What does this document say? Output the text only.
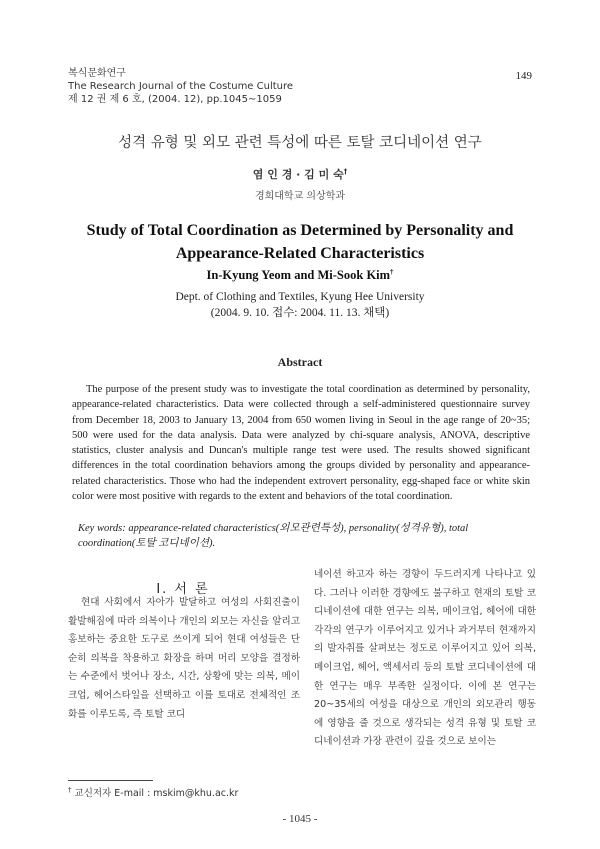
복식문화연구
The Research Journal of the Costume Culture
제 12 권 제 6 호, (2004. 12), pp.1045∼1059
149
성격 유형 및 외모 관련 특성에 따른 토탈 코디네이션 연구
염 인 경 · 김 미 숙†
경희대학교 의상학과
Study of Total Coordination as Determined by Personality and
Appearance-Related Characteristics
In-Kyung Yeom and Mi-Sook Kim†
Dept. of Clothing and Textiles, Kyung Hee University
(2004. 9. 10. 접수: 2004. 11. 13. 채택)
Abstract
The purpose of the present study was to investigate the total coordination as determined by personality, appearance-related characteristics. Data were collected through a self-administered questionnaire survey from December 18, 2003 to January 13, 2004 from 650 women living in Seoul in the age range of 20~35; 500 were used for the data analysis. Data were analyzed by chi-square analysis, ANOVA, descriptive statistics, cluster analysis and Duncan's multiple range test were used. The results showed significant differences in the total coordination behaviors among the groups divided by personality and appearance-related characteristics. Those who had the independent extrovert personality, egg-shaped face or white skin color were most positive with regards to the extent and behaviors of the total coordination.
Key words: appearance-related characteristics(외모관련특성), personality(성격유형), total coordination(토탈 코디네이션).
Ⅰ. 서 론

현대 사회에서 자아가 발달하고 여성의 사회진출이 활발해짐에 따라 의복이나 개인의 외모는 자신을 알리고 홍보하는 중요한 도구로 쓰이게 되어 현대 여성들은 단순히 의복을 착용하고 화장을 하며 머리 모양을 결정하는 수준에서 벗어나 장소, 시간, 상황에 맞는 의복, 메이크업, 헤어스타일을 선택하고 이를 토대로 전체적인 조화를 이루도록, 즉 토탈 코디

네이션 하고자 하는 경향이 두드러지게 나타나고 있다. 그러나 이러한 경향에도 불구하고 현재의 토탈 코디네이션에 대한 연구는 의복, 메이크업, 헤어에 대한 각각의 연구가 이루어지고 있거나 과거부터 현재까지의 발자취를 살펴보는 정도로 이루어지고 있어 의복, 메이크업, 헤어, 액세서리 등의 토탈 코디네이션에 대한 연구는 매우 부족한 실정이다. 이에 본 연구는 20~35세의 여성을 대상으로 개인의 외모관리 행동에 영향을 줄 것으로 생각되는 성격 유형 및 토탈 코디네이션과 가장 관련이 깊을 것으로 보이는

† 교신저자 E-mail : mskim@khu.ac.kr
- 1045 -
